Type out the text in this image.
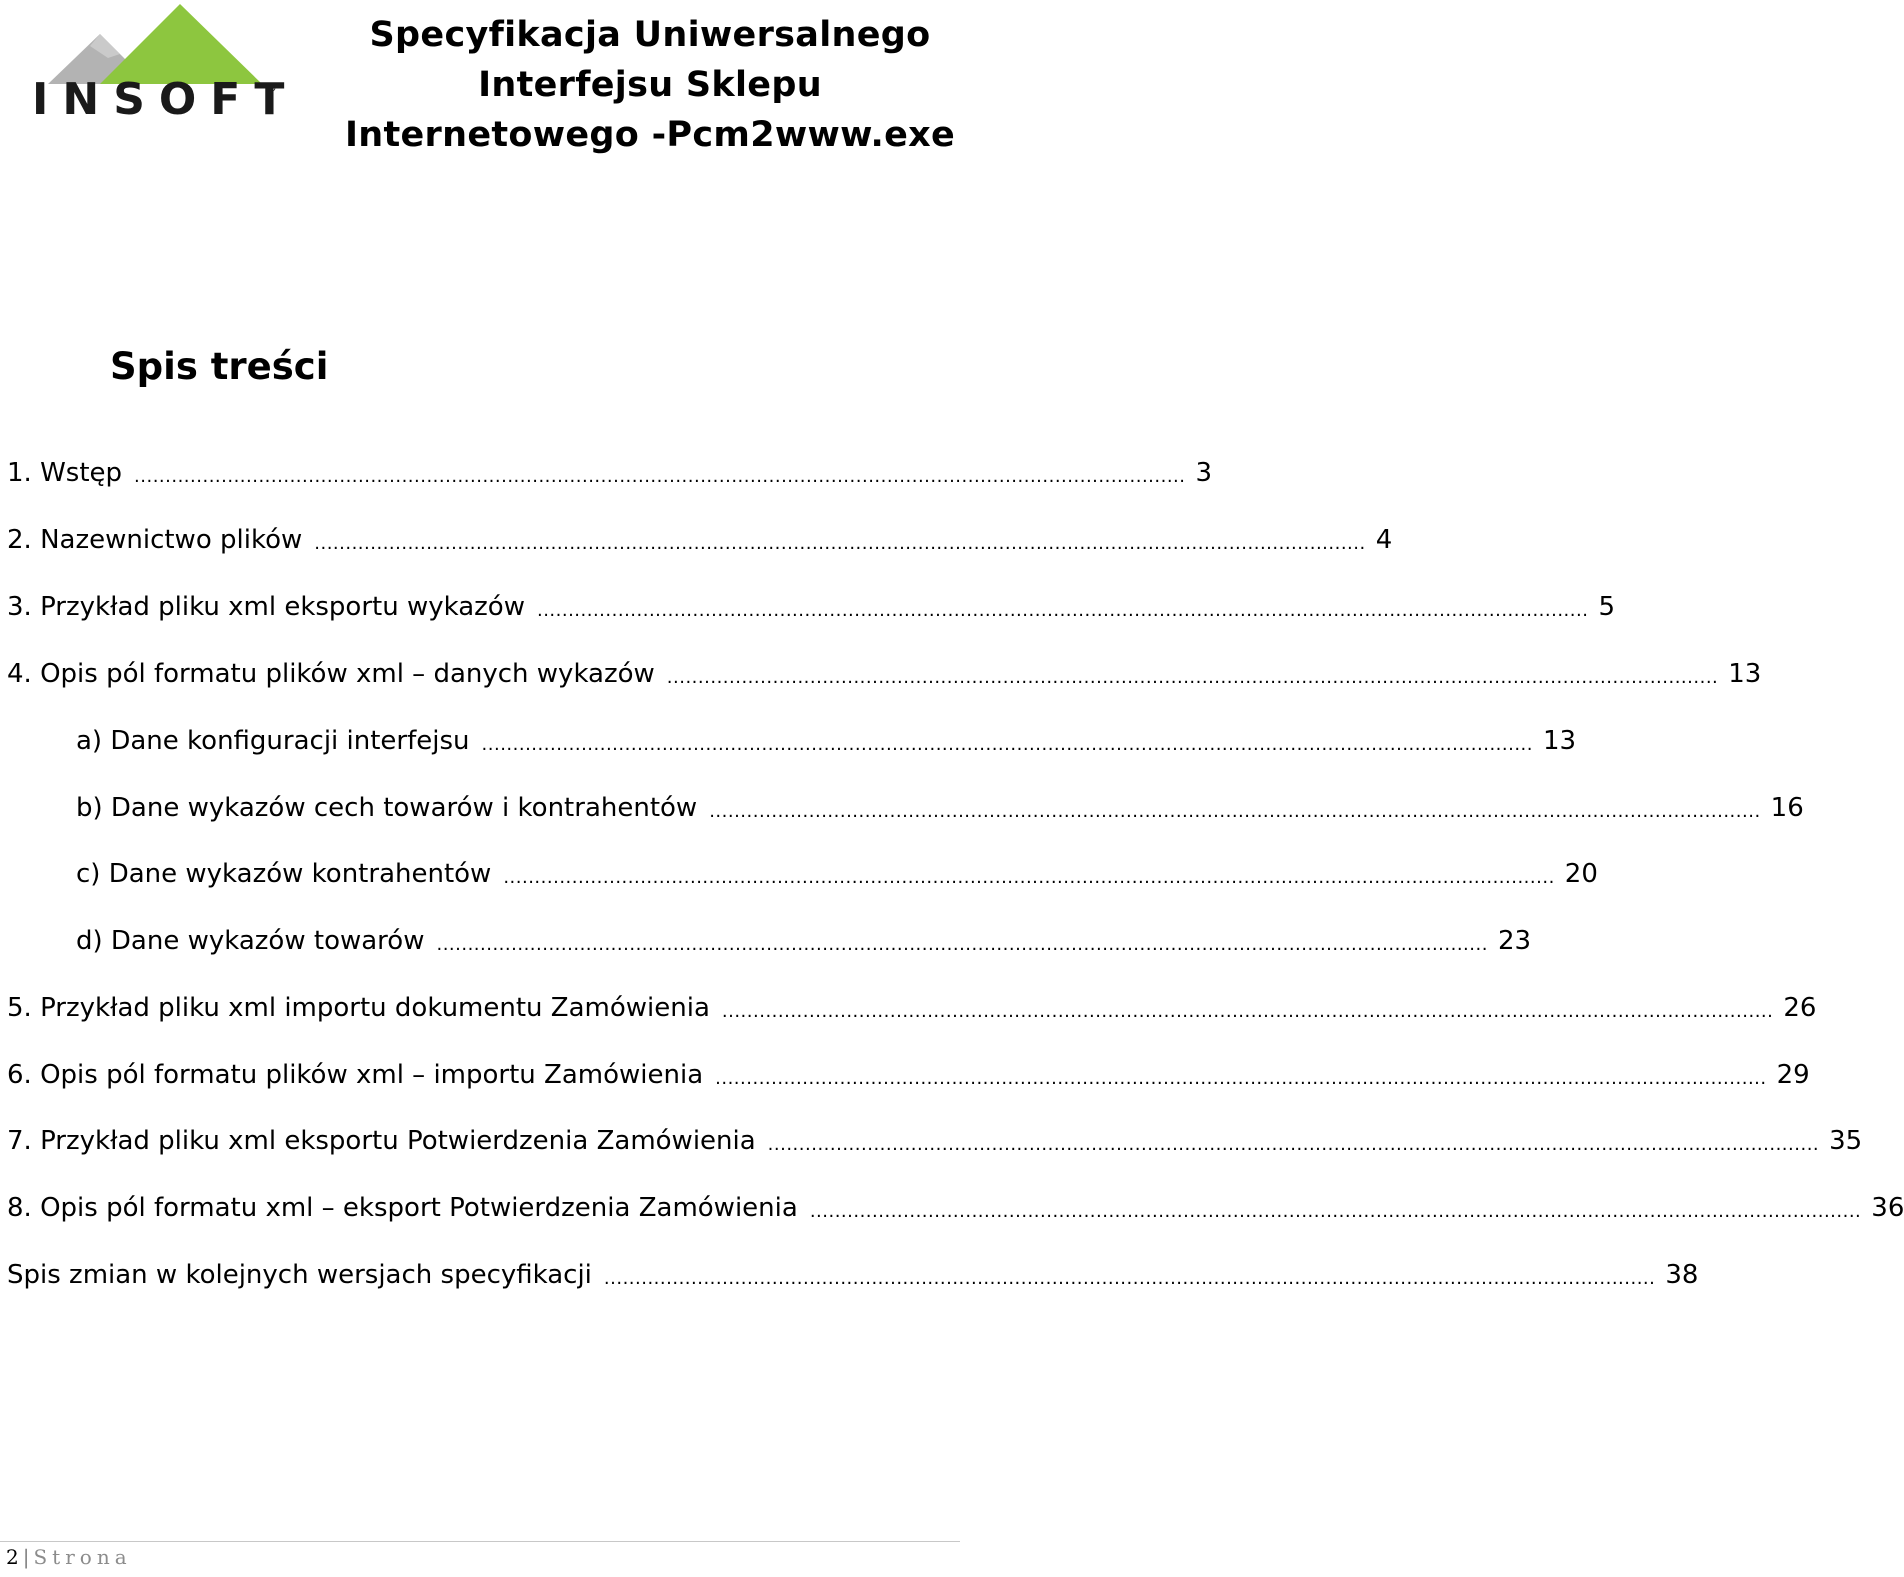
INSOFT
Specyfikacja Uniwersalnego
Interfejsu Sklepu
Internetowego -Pcm2www.exe
Spis treści
1. Wstęp ......................................................................................................................................................................... 3
2. Nazewnictwo plików ......................................................................................................................................................................... 4
3. Przykład pliku xml eksportu wykazów ......................................................................................................................................................................... 5
4. Opis pól formatu plików xml – danych wykazów ......................................................................................................................................................................... 13
a) Dane konfiguracji interfejsu ......................................................................................................................................................................... 13
b) Dane wykazów cech towarów i kontrahentów ......................................................................................................................................................................... 16
c) Dane wykazów kontrahentów ......................................................................................................................................................................... 20
d) Dane wykazów towarów ......................................................................................................................................................................... 23
5. Przykład pliku xml importu dokumentu Zamówienia ......................................................................................................................................................................... 26
6. Opis pól formatu plików xml – importu Zamówienia ......................................................................................................................................................................... 29
7. Przykład pliku xml eksportu Potwierdzenia Zamówienia ......................................................................................................................................................................... 35
8. Opis pól formatu xml – eksport Potwierdzenia Zamówienia ......................................................................................................................................................................... 36
Spis zmian w kolejnych wersjach specyfikacji ......................................................................................................................................................................... 38
2 | Strona
